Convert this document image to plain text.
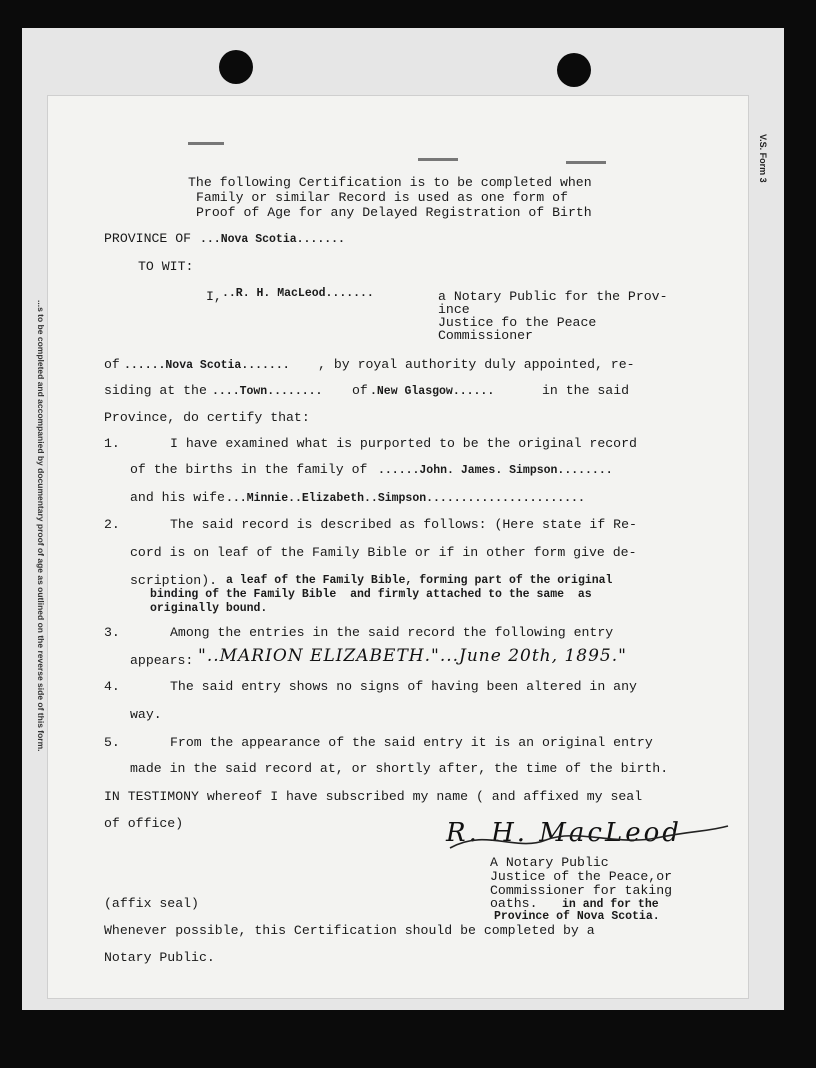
...s to be completed and accompanied by documentary proof of age as outlined on the reverse side of this form.
V.S. Form 3
The following Certification is to be completed when
Family or similar Record is used as one form of
Proof of Age for any Delayed Registration of Birth
PROVINCE OF ...Nova Scotia.......
TO WIT:
I, ..R. H. MacLeod.......	a Notary Public for the Prov-
ince
Justice fo the Peace
Commissioner
of ......Nova Scotia....... , by royal authority duly appointed, re-
siding at the ....Town........ of .New Glasgow......	in the said
Province, do certify that:
1.	I have examined what is purported to be the original record
of the births in the family of ......John. James. Simpson........
and his wife ...Minnie..Elizabeth..Simpson.......................
2.	The said record is described as follows: (Here state if Re-
cord is on leaf of the Family Bible or if in other form give de-
scription). a leaf of the Family Bible, forming part of the original
binding of the Family Bible  and firmly attached to the same  as
originally bound.
3.	Among the entries in the said record the following entry
appears: "..MARION ELIZABETH."...June 20th, 1895."
4.	The said entry shows no signs of having been altered in any
way.
5.	From the appearance of the said entry it is an original entry
made in the said record at, or shortly after, the time of the birth.
IN TESTIMONY whereof I have subscribed my name ( and affixed my seal
of office)	R. H. MacLeod
A Notary Public
Justice of the Peace,or
Commissioner for taking
oaths. in and for the
Province of Nova Scotia.
(affix seal)
Whenever possible, this Certification should be completed by a
Notary Public.
